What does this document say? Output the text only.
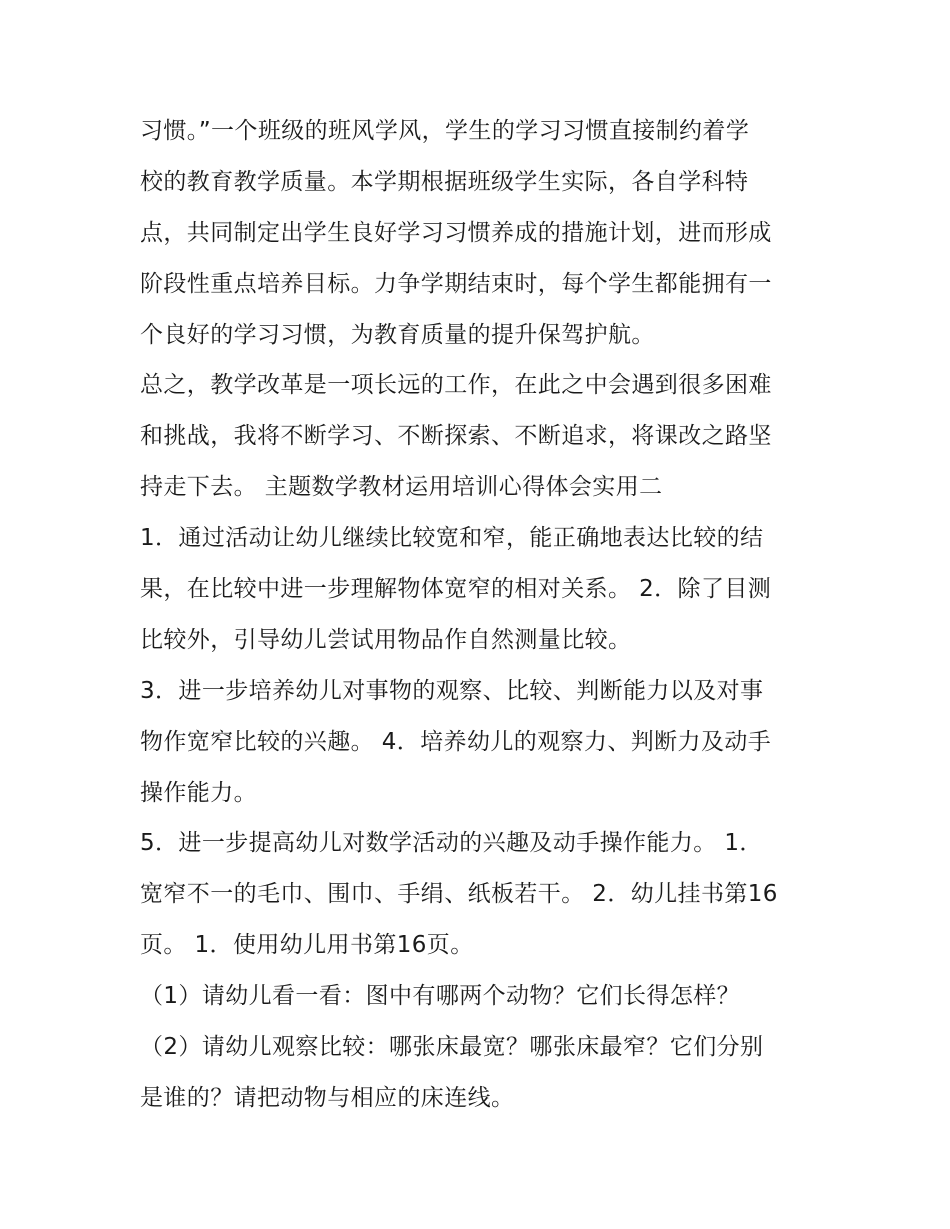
习惯。”一个班级的班风学风，学生的学习习惯直接制约着学
校的教育教学质量。本学期根据班级学生实际，各自学科特
点，共同制定出学生良好学习习惯养成的措施计划，进而形成
阶段性重点培养目标。力争学期结束时，每个学生都能拥有一
个良好的学习习惯，为教育质量的提升保驾护航。
总之，教学改革是一项长远的工作，在此之中会遇到很多困难
和挑战，我将不断学习、不断探索、不断追求，将课改之路坚
持走下去。 主题数学教材运用培训心得体会实用二
1．通过活动让幼儿继续比较宽和窄，能正确地表达比较的结
果，在比较中进一步理解物体宽窄的相对关系。 2．除了目测
比较外，引导幼儿尝试用物品作自然测量比较。
3．进一步培养幼儿对事物的观察、比较、判断能力以及对事
物作宽窄比较的兴趣。 4．培养幼儿的观察力、判断力及动手
操作能力。
5．进一步提高幼儿对数学活动的兴趣及动手操作能力。 1．
宽窄不一的毛巾、围巾、手绢、纸板若干。 2．幼儿挂书第16
页。 1．使用幼儿用书第16页。
（1）请幼儿看一看：图中有哪两个动物？它们长得怎样？
（2）请幼儿观察比较：哪张床最宽？哪张床最窄？它们分别
是谁的？请把动物与相应的床连线。
